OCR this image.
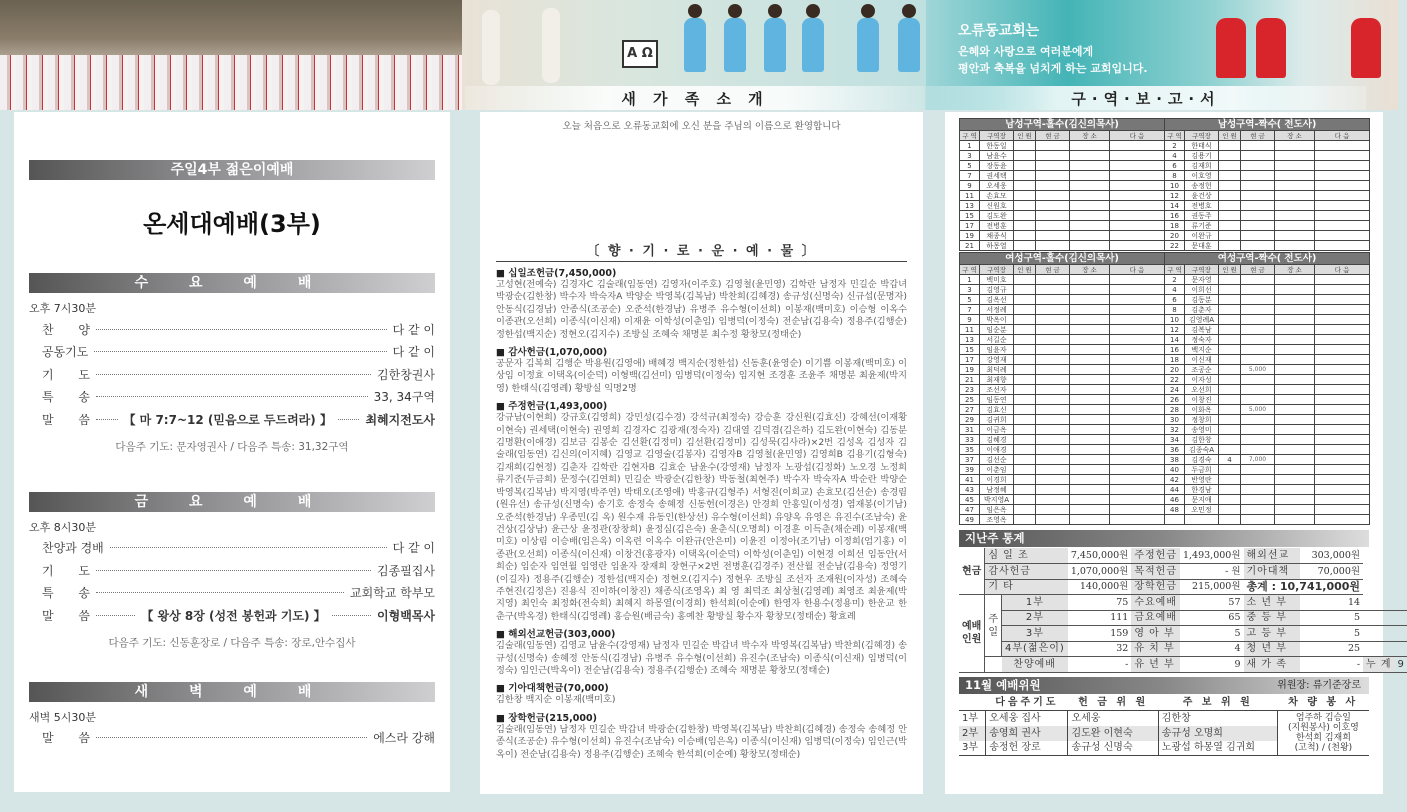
A Ω
오류동교회는
은혜와 사랑으로 여러분에게
평안과 축복을 넘치게 하는 교회입니다.
새 가 족 소 개	구·역·보·고·서
주일4부 젊은이예배
온세대예배(3부)
수 요 예 배
오후 7시30분
찬 양	다 같 이
공동기도	다 같 이
기 도	김한창권사
특 송	33, 34구역
말 씀	【 마 7:7~12 (믿음으로 두드려라) 】	최혜지전도사
다음주 기도: 문자영권사 / 다음주 특송: 31,32구역
금 요 예 배
오후 8시30분
찬양과 경배	다 같 이
기 도	김종필집사
특 송	교회학교 학부모
말 씀	【 왕상 8장 (성전 봉헌과 기도) 】	이형백목사
다음주 기도: 신동훈장로 / 다음주 특송: 장로,안수집사
새 벽 예 배
새벽 5시30분
말 씀	에스라 강해
오늘 처음으로 오류동교회에 오신 분을 주님의 이름으로 환영합니다
〔 향 · 기 · 로 · 운 · 예 · 물 〕
■ 십일조헌금(7,450,000)

고성현(전예숙) 김경자C 김술래(임동연) 김영자(이주호) 김영철(윤민영) 김학란 남정자 민길순 박갑녀 박광순(김한창) 박수자 박숙자A 박양순 박영복(김복남) 박찬희(김혜경) 송규성(신명숙) 신규섭(문명자) 안동식(김경남) 안종식(조공순) 오준석(한경남) 유병주 유수형(이선희) 이봉재(백미호) 이승형 이옥수 이종관(오선희) 이종식(이신재) 이재윤 이학성(이춘임) 임병덕(이정숙) 전순남(김용숙) 정용주(김행순) 정한섭(백지순) 정현오(김지수) 조방실 조혜숙 채명분 최수정 황창모(정태순)

■ 감사헌금(1,070,000)

공문자 김복희 김행순 박용원(김영애) 배혜경 백지순(정한섭) 신동훈(윤영순) 이기쁨 이봉재(백미호) 이상임 이정효 이택옥(이순덕) 이형백(김선미) 임병덕(이정숙) 임지현 조경훈 조윤주 채명분 최윤제(박지영) 한태식(김영례) 황방실 익명2명

■ 주정헌금(1,493,000)

강규남(이현희) 강규호(김영희) 강민성(김수경) 강석규(최정숙) 강승훈 강신원(김효신) 강혜선(이재황 이현숙) 권세택(이현숙) 권영희 김경자C 김광재(정숙자) 김대열 김덕겸(김은하) 김도완(이현숙) 김동분 김명환(이애경) 김보금 김봉순 김선환(김정미) 김선환(김정미) 김성묵(김사라)×2번 김성옥 김성자 김술래(임동연) 김신의(이지혜) 김영교 김영술(김봉자) 김영자B 김영철(윤민영) 김영희B 김용기(김형숙) 김재희(김현정) 김춘자 김학란 김현자B 김효순 남윤수(강영재) 남정자 노광섭(김정화) 노오경 노정희 류기준(두금희) 문정수(김연희) 민길순 박광순(김한창) 박동철(최현주) 박수자 박숙자A 박순란 박양순 박영복(김복남) 박지영(박주연) 박태오(조영애) 박홍규(김형주) 서형진(이희교) 손효모(김선순) 송경림(원유선) 송규성(신명숙) 송기호 송정숙 송혜정 신동헌(이경은) 안경희 안홍일(이성경) 염재봉(이기남) 오준석(한경남) 우종민(김 옥) 원수재 유동인(한상선) 유수형(이선희) 유양옥 유영은 유진수(조남숙) 윤건상(김상남) 윤근상 윤정관(장창희) 윤정심(김은숙) 윤춘식(오명희) 이경훈 이득춘(채순례) 이봉재(백미호) 이상림 이승배(임은옥) 이옥련 이옥수 이완규(안은미) 이윤진 이정아(조기남) 이정희(엄기홍) 이종관(오선희) 이종식(이신재) 이창건(홍광자) 이택옥(이순덕) 이학성(이춘임) 이현경 이희선 임동안(서희순) 임순자 임연월 임영란 임윤자 장재희 장현구×2번 전병훈(김경주) 전산월 전순남(김용숙) 정영기(이길자) 정용주(김행순) 정한섭(백지순) 정현오(김지수) 정현우 조방실 조선자 조재원(이자성) 조혜숙 주현진(김정은) 진용식 진이하(이창진) 채종식(조영옥) 최 영 최덕조 최상철(김영례) 최영조 최윤제(박지영) 최인숙 최정화(전숙희) 최혜지 하몽열(이경희) 한석희(이순예) 한영자 한용수(정용미) 한운교 한춘구(박옥경) 한태식(김영례) 홍승원(배금숙) 홍예찬 황방실 황수자 황창모(정태순) 황효례

■ 해외선교헌금(303,000)

김술래(임동연) 김영교 남윤수(강영재) 남정자 민길순 박갑녀 박수자 박영복(김복남) 박찬희(김혜경) 송규성(신명숙) 송혜정 안동식(김경남) 유병주 유수형(이선희) 유진수(조남숙) 이종식(이신재) 임병덕(이정숙) 임인근(박옥이) 전순남(김용숙) 정용주(김행순) 조혜숙 채명분 황창모(정태순)

■ 기아대책헌금(70,000)

김한창 백지순 이봉재(백미호)

■ 장학헌금(215,000)

김술래(임동연) 남정자 민길순 박갑녀 박광순(김한창) 박영복(김복남) 박찬희(김혜경) 송정숙 송혜정 안종식(조공순) 유수형(이선희) 유진수(조남숙) 이승배(임은옥) 이종식(이신재) 임병덕(이정숙) 임인근(박옥이) 전순남(김용숙) 정용주(김행순) 조혜숙 한석희(이순예) 황창모(정태순)

남성구역-홀수(김신의목사)						남성구역-짝수( 전도사)					
구 역	구역장	인 원	현 금	장 소	다 음	구 역	구역장	인 원	현 금	장 소	다 음
1	한동일					2	한태식				
3	남윤수					4	김용기				
5	장동윤					6	김재희				
7	권세택					8	이호영				
9	오세웅					10	송정헌				
11	손효모					12	윤건상				
13	신원호					14	전병호				
15	김도완					16	권동주				
17	전병훈					18	류기준				
19	채종식					20	이완규				
21	하몽열					22	문대훈				
여성구역-홀수(김신의목사)						여성구역-짝수( 전도사)					
구 역	구역장	인 원	현 금	장 소	다 음	구 역	구역장	인 원	현 금	장 소	다 음
1	백미호					2	문자영				
3	김영규					4	이희선				
5	김옥선					6	김동분				
7	서정례					8	김춘자				
9	박옥이					10	김영례A				
11	임순분					12	김복남				
13	서길순					14	정숙자				
15	임윤자					16	백지순				
17	강영재					18	이신재				
19	최덕례					20	조공순		5,000		
21	최재향					22	이자성				
23	조선자					24	오선희				
25	임동연					26	이창진				
27	김효신					28	이화옥		5,000		
29	김귀희					30	정창희				
31	이금옥					32	송영미				
33	김혜경					34	김한창				
35	이애경					36	김종숙A				
37	김선순					38	김경숙	4	7,000		
39	이춘임					40	두금희				
41	이경희					42	반영란				
43	남정혜					44	한경남				
45	박지영A					46	문지애				
47	임은옥					48	오민정				
49	조영옥										
지난주 통계
현금	심 일 조		7,450,000원	주정헌금	1,493,000원	해외선교	303,000원		
	감사헌금		1,070,000원	목적헌금	- 원	기아대책	70,000원		
	기 타		140,000원	장학헌금	215,000원	총계 : 10,741,000원			
예배 인원	주 일	1부	75	수요예배	57	소 년 부	14		
		2부	111	금요예배	65	중 등 부	5		
		3부	159	영 아 부	5	고 등 부	5		
		4부(젊은이)	32	유 치 부	4	청 년 부	25		
		찬양예배	-	유 년 부	9	새 가 족	-	누 계	9
11월 예배위원	위원장: 류기준장로
	다음주기도	헌 금 위 원	주 보 위 원	차 량 봉 사
1부	오세웅 집사	오세웅	김한창	엄주하 김승일
(지원봉사) 이호영
한석희 김재희
(고척) / (천왕)

2부	송영희 권사	김도완 이현숙	송규성 오명희	
3부	송정헌 장로	송규성 신명숙	노광섭 하몽열 김귀희	
